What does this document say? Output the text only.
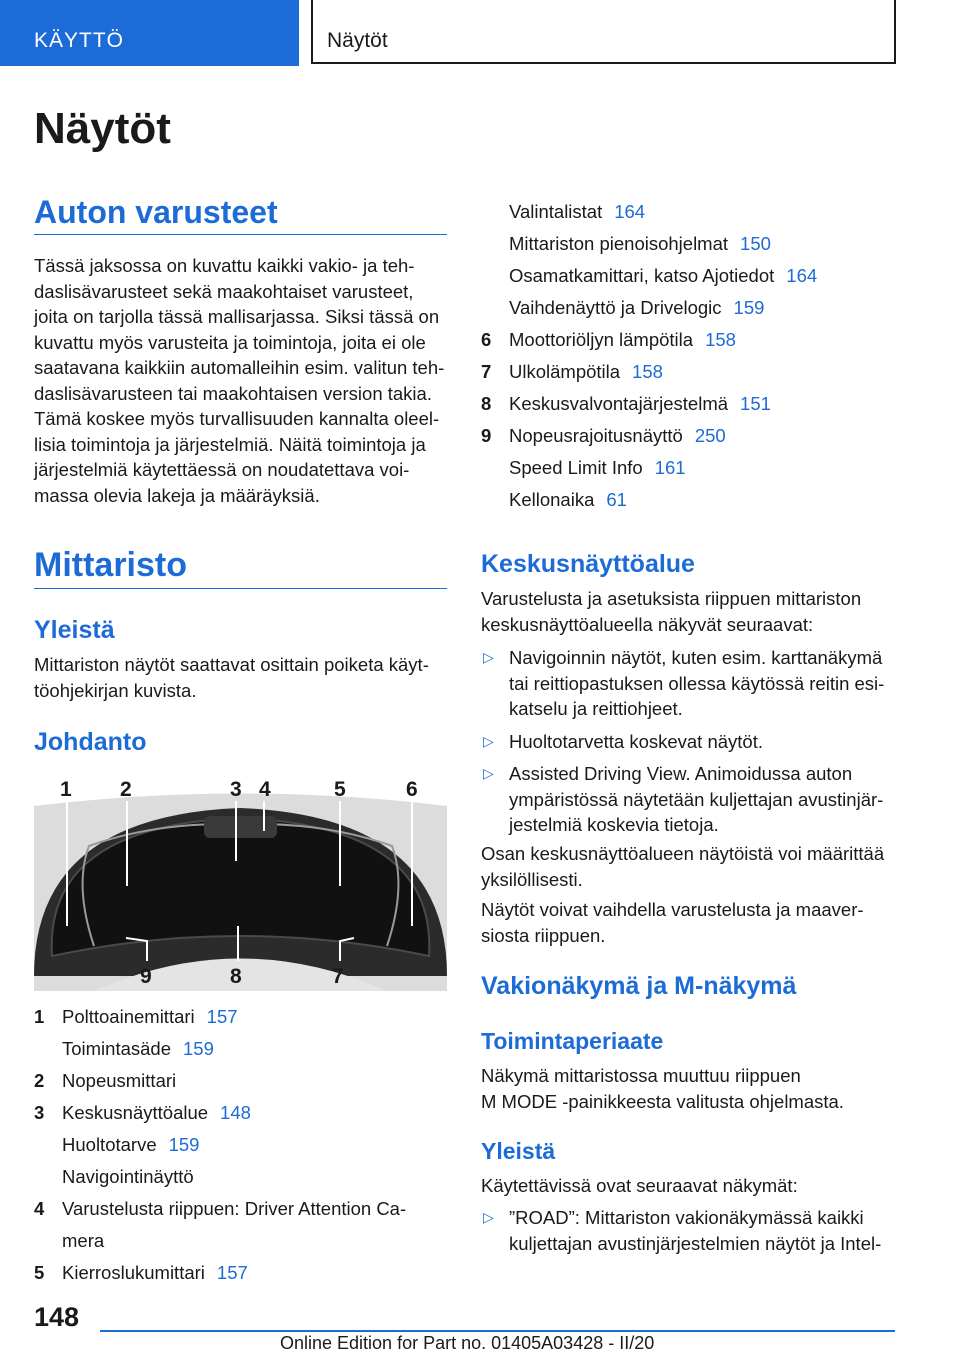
KÄYTTÖ	Näytöt
Näytöt
Auton varusteet
Tässä jaksossa on kuvattu kaikki vakio- ja teh-
daslisävarusteet sekä maakohtaiset varusteet,
joita on tarjolla tässä mallisarjassa. Siksi tässä on
kuvattu myös varusteita ja toimintoja, joita ei ole
saatavana kaikkiin automalleihin esim. valitun teh-
daslisävarusteen tai maakohtaisen version takia.
Tämä koskee myös turvallisuuden kannalta oleel-
lisia toimintoja ja järjestelmiä. Näitä toimintoja ja
järjestelmiä käytettäessä on noudatettava voi-
massa olevia lakeja ja määräyksiä.
Mittaristo
Yleistä
Mittariston näytöt saattavat osittain poiketa käyt-
töohjekirjan kuvista.
Johdanto
1 2	3 4	5	6
9	8	7
1 Polttoainemittari 157
Toimintasäde 159
2 Nopeusmittari
3 Keskusnäyttöalue 148
Huoltotarve 159
Navigointinäyttö
4 Varustelusta riippuen: Driver Attention Ca-
mera
5 Kierroslukumittari 157
Valintalistat 164
Mittariston pienoisohjelmat 150
Osamatkamittari, katso Ajotiedot 164
Vaihdenäyttö ja Drivelogic 159
6 Moottoriöljyn lämpötila 158
7 Ulkolämpötila 158
8 Keskusvalvontajärjestelmä 151
9 Nopeusrajoitusnäyttö 250
Speed Limit Info 161
Kellonaika 61
Keskusnäyttöalue
Varustelusta ja asetuksista riippuen mittariston
keskusnäyttöalueella näkyvät seuraavat:
▷ Navigoinnin näytöt, kuten esim. karttanäkymä
tai reittiopastuksen ollessa käytössä reitin esi-
katselu ja reittiohjeet.
▷ Huoltotarvetta koskevat näytöt.
▷ Assisted Driving View. Animoidussa auton
ympäristössä näytetään kuljettajan avustinjär-
jestelmiä koskevia tietoja.
Osan keskusnäyttöalueen näytöistä voi määrittää
yksilöllisesti.
Näytöt voivat vaihdella varustelusta ja maaver-
siosta riippuen.
Vakionäkymä ja M-näkymä
Toimintaperiaate
Näkymä mittaristossa muuttuu riippuen
M MODE -painikkeesta valitusta ohjelmasta.
Yleistä
Käytettävissä ovat seuraavat näkymät:
▷ ”ROAD”: Mittariston vakionäkymässä kaikki
kuljettajan avustinjärjestelmien näytöt ja Intel-
148
Online Edition for Part no. 01405A03428 - II/20
